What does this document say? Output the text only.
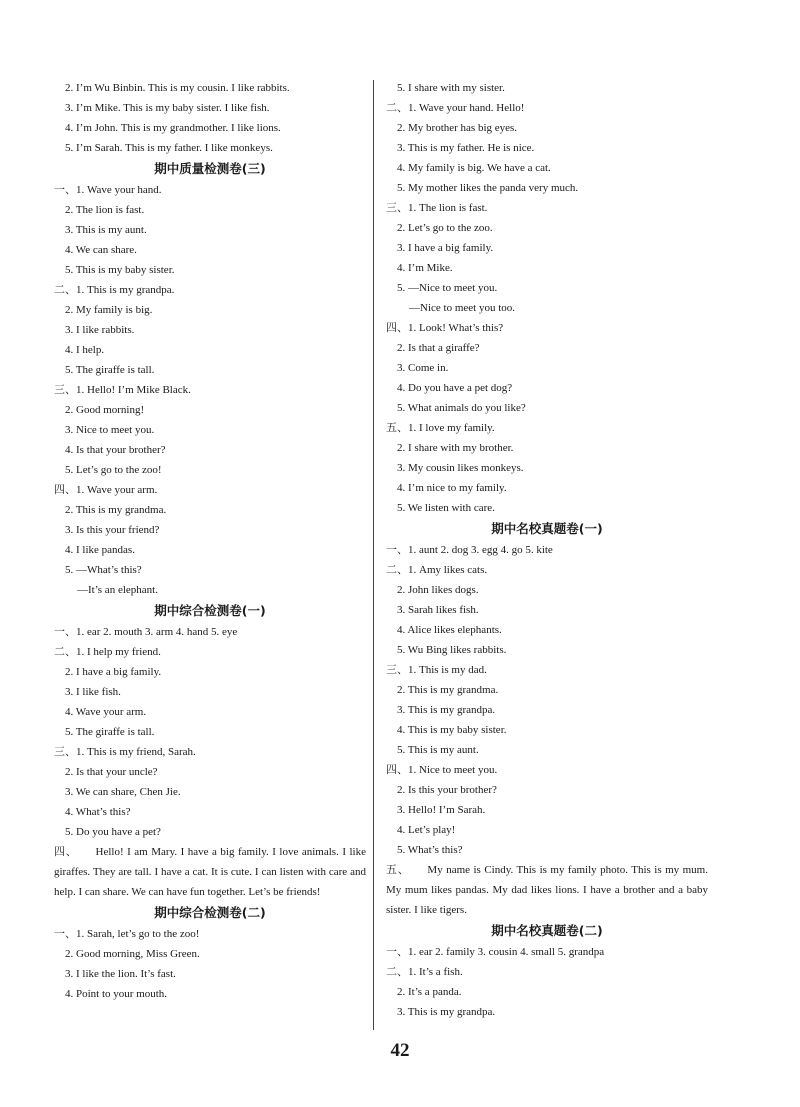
2. I’m Wu Binbin. This is my cousin. I like rabbits.
3. I’m Mike. This is my baby sister. I like fish.
4. I’m John. This is my grandmother. I like lions.
5. I’m Sarah. This is my father. I like monkeys.
期中质量检测卷(三)
一、1. Wave your hand.
2. The lion is fast.
3. This is my aunt.
4. We can share.
5. This is my baby sister.
二、1. This is my grandpa.
2. My family is big.
3. I like rabbits.
4. I help.
5. The giraffe is tall.
三、1. Hello! I’m Mike Black.
2. Good morning!
3. Nice to meet you.
4. Is that your brother?
5. Let’s go to the zoo!
四、1. Wave your arm.
2. This is my grandma.
3. Is this your friend?
4. I like pandas.
5. —What’s this?
—It’s an elephant.
期中综合检测卷(一)
一、1. ear 2. mouth 3. arm 4. hand 5. eye
二、1. I help my friend.
2. I have a big family.
3. I like fish.
4. Wave your arm.
5. The giraffe is tall.
三、1. This is my friend, Sarah.
2. Is that your uncle?
3. We can share, Chen Jie.
4. What’s this?
5. Do you have a pet?
四、　　Hello! I am Mary. I have a big family. I love animals. I like giraffes. They are tall. I have a cat. It is cute. I can listen with care and help. I can share. We can have fun together. Let’s be friends!
期中综合检测卷(二)
一、1. Sarah, let’s go to the zoo!
2. Good morning, Miss Green.
3. I like the lion. It’s fast.
4. Point to your mouth.
5. I share with my sister.
二、1. Wave your hand. Hello!
2. My brother has big eyes.
3. This is my father. He is nice.
4. My family is big. We have a cat.
5. My mother likes the panda very much.
三、1. The lion is fast.
2. Let’s go to the zoo.
3. I have a big family.
4. I’m Mike.
5. —Nice to meet you.
—Nice to meet you too.
四、1. Look! What’s this?
2. Is that a giraffe?
3. Come in.
4. Do you have a pet dog?
5. What animals do you like?
五、1. I love my family.
2. I share with my brother.
3. My cousin likes monkeys.
4. I’m nice to my family.
5. We listen with care.
期中名校真题卷(一)
一、1. aunt 2. dog 3. egg 4. go 5. kite
二、1. Amy likes cats.
2. John likes dogs.
3. Sarah likes fish.
4. Alice likes elephants.
5. Wu Bing likes rabbits.
三、1. This is my dad.
2. This is my grandma.
3. This is my grandpa.
4. This is my baby sister.
5. This is my aunt.
四、1. Nice to meet you.
2. Is this your brother?
3. Hello! I’m Sarah.
4. Let’s play!
5. What’s this?
五、　　My name is Cindy. This is my family photo. This is my mum. My mum likes pandas. My dad likes lions. I have a brother and a baby sister. I like tigers.
期中名校真题卷(二)
一、1. ear 2. family 3. cousin 4. small 5. grandpa
二、1. It’s a fish.
2. It’s a panda.
3. This is my grandpa.
42
